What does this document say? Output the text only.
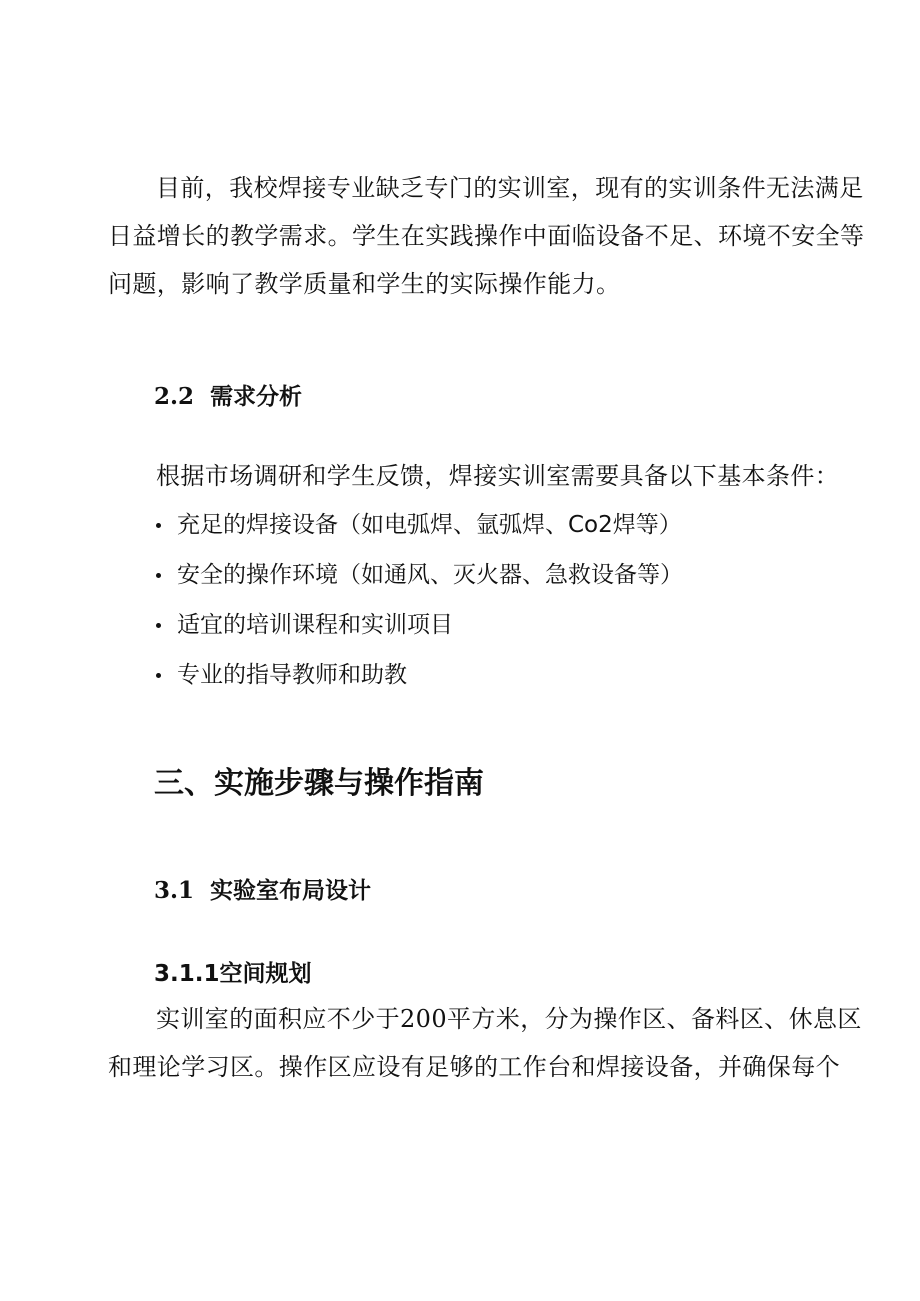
目前，我校焊接专业缺乏专门的实训室，现有的实训条件无法满足
日益增长的教学需求。学生在实践操作中面临设备不足、环境不安全等
问题，影响了教学质量和学生的实际操作能力。
2.2 需求分析
根据市场调研和学生反馈，焊接实训室需要具备以下基本条件：
充足的焊接设备（如电弧焊、氩弧焊、Co2焊等）
安全的操作环境（如通风、灭火器、急救设备等）
适宜的培训课程和实训项目
专业的指导教师和助教
三、实施步骤与操作指南
3.1 实验室布局设计
3.1.1空间规划
实训室的面积应不少于200平方米，分为操作区、备料区、休息区
和理论学习区。操作区应设有足够的工作台和焊接设备，并确保每个
